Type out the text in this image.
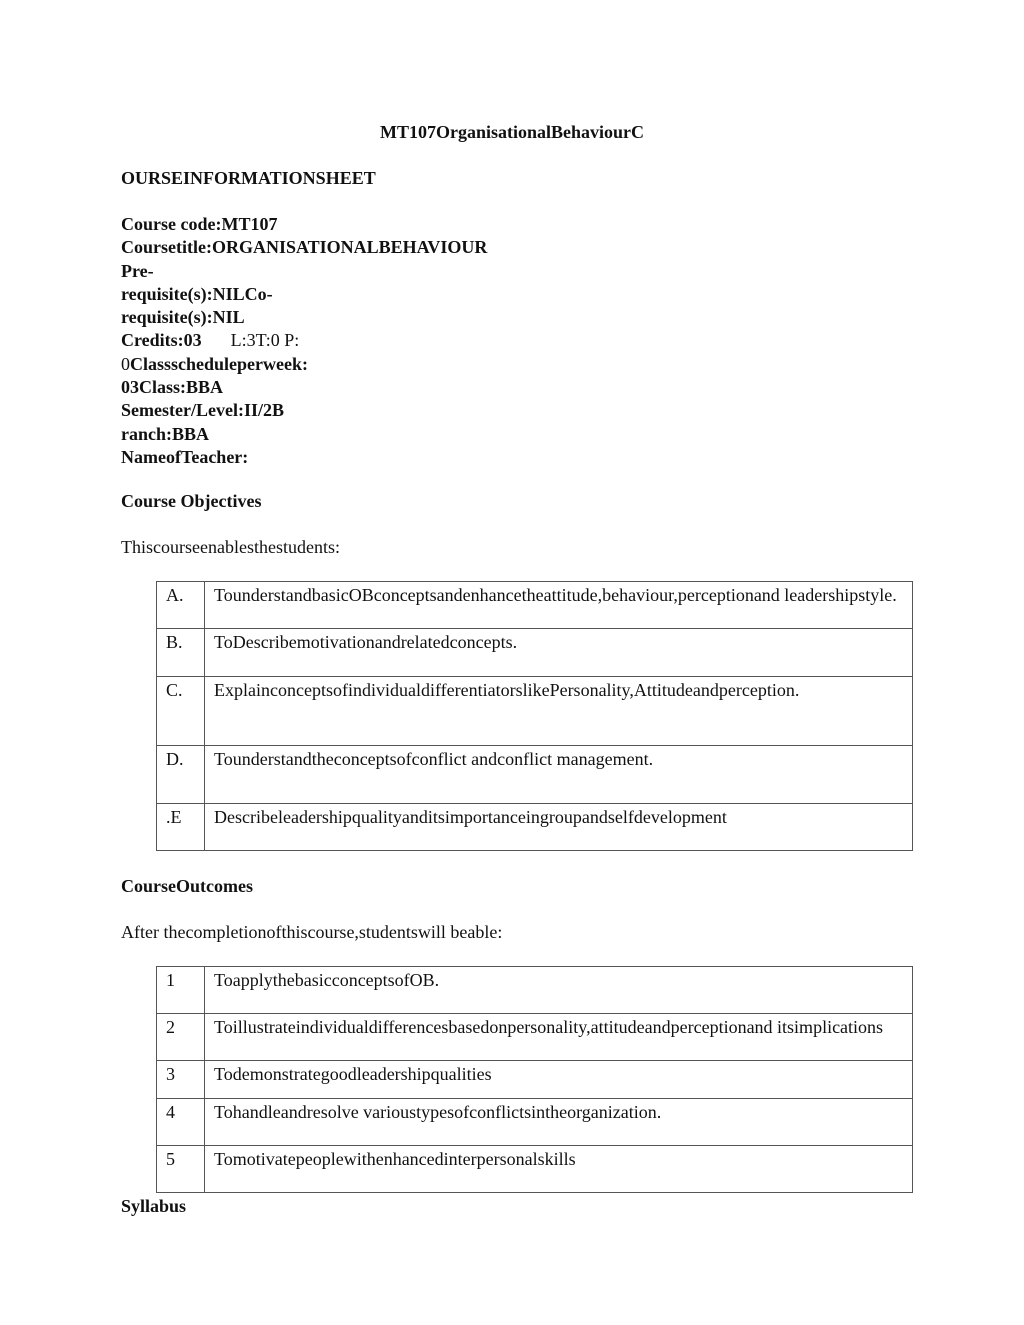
MT107OrganisationalBehaviourC
OURSEINFORMATIONSHEET
Course code:MT107
Coursetitle:ORGANISATIONALBEHAVIOUR
Pre-
requisite(s):NILCo-
requisite(s):NIL
Credits:03 L:3T:0 P:
0Classscheduleperweek:
03Class:BBA
Semester/Level:II/2B
ranch:BBA
NameofTeacher:
Course Objectives
Thiscourseenablesthestudents:
A.	TounderstandbasicOBconceptsandenhancetheattitude,behaviour,perceptionand leadershipstyle.
B.	ToDescribemotivationandrelatedconcepts.
C.	ExplainconceptsofindividualdifferentiatorslikePersonality,Attitudeandperception.
D.	Tounderstandtheconceptsofconflict andconflict management.
.E	Describeleadershipqualityanditsimportanceingroupandselfdevelopment
CourseOutcomes
After thecompletionofthiscourse,studentswill beable:
1	ToapplythebasicconceptsofOB.
2	Toillustrateindividualdifferencesbasedonpersonality,attitudeandperceptionand itsimplications
3	Todemonstrategoodleadershipqualities
4	Tohandleandresolve varioustypesofconflictsintheorganization.
5	Tomotivatepeoplewithenhancedinterpersonalskills
Syllabus
